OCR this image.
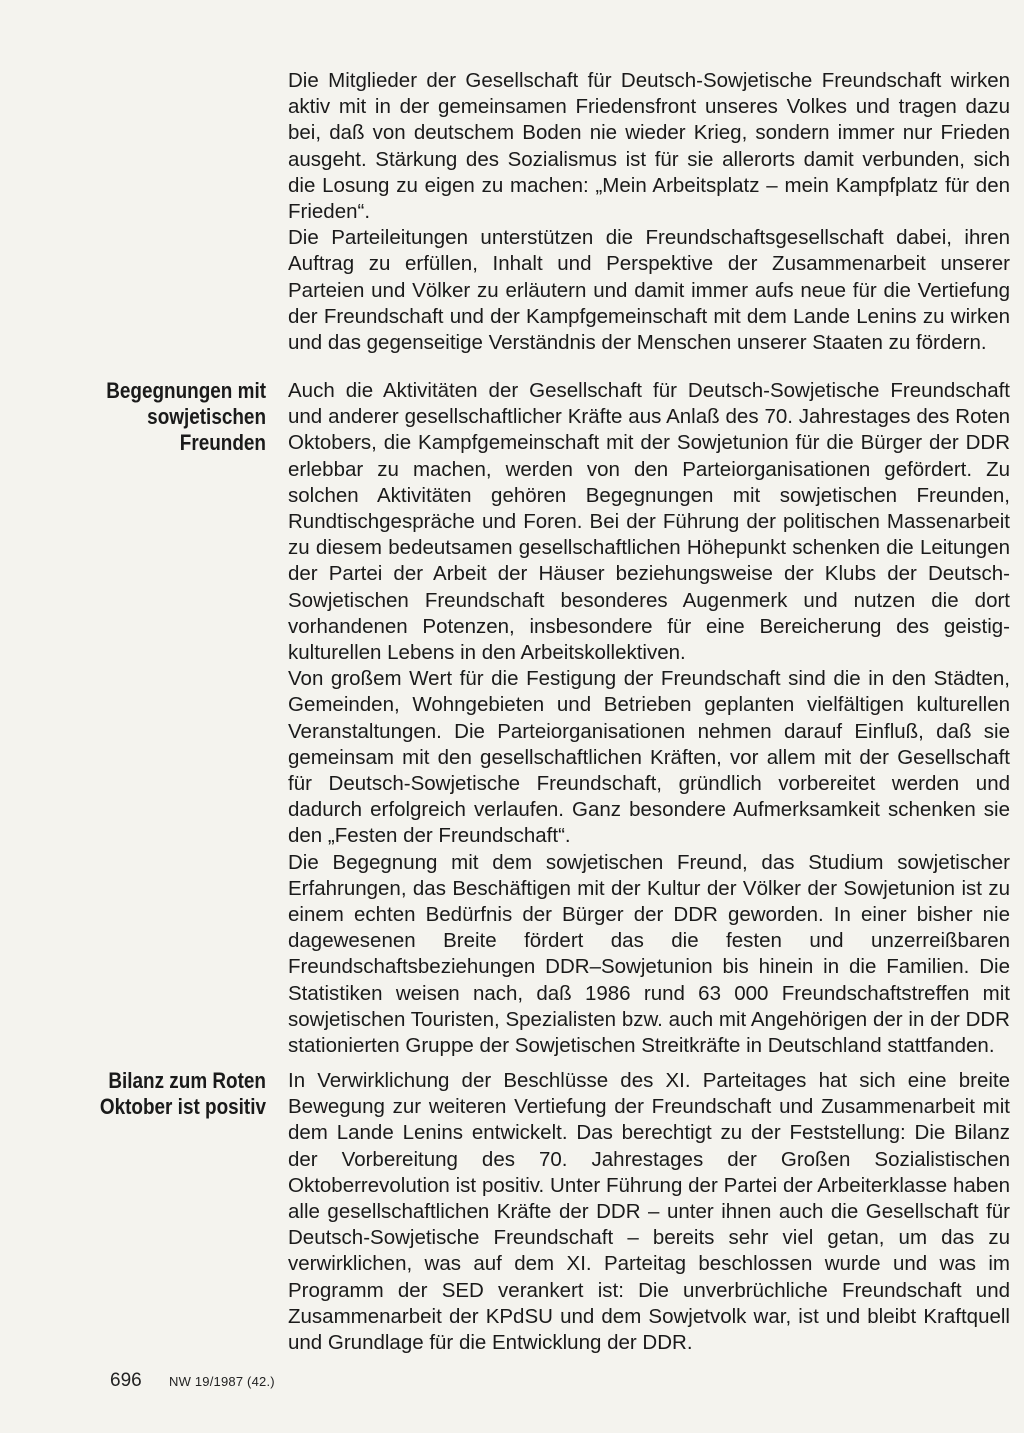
Die Mitglieder der Gesellschaft für Deutsch-Sowjetische Freundschaft wirken aktiv mit in der gemeinsamen Friedensfront unseres Volkes und tragen dazu bei, daß von deutschem Boden nie wieder Krieg, sondern immer nur Frieden ausgeht. Stärkung des Sozialismus ist für sie allerorts damit verbunden, sich die Losung zu eigen zu machen: „Mein Arbeitsplatz – mein Kampfplatz für den Frieden“.

Die Parteileitungen unterstützen die Freundschaftsgesellschaft dabei, ihren Auftrag zu erfüllen, Inhalt und Perspektive der Zusammenarbeit unserer Parteien und Völker zu erläutern und damit immer aufs neue für die Vertiefung der Freundschaft und der Kampfgemeinschaft mit dem Lande Lenins zu wirken und das gegenseitige Verständnis der Menschen unserer Staaten zu fördern.

Begegnungen mit sowjetischen Freunden

Auch die Aktivitäten der Gesellschaft für Deutsch-Sowjetische Freundschaft und anderer gesellschaftlicher Kräfte aus Anlaß des 70. Jahrestages des Roten Oktobers, die Kampfgemeinschaft mit der Sowjetunion für die Bürger der DDR erlebbar zu machen, werden von den Parteiorganisationen gefördert. Zu solchen Aktivitäten gehören Begegnungen mit sowjetischen Freunden, Rundtischgespräche und Foren. Bei der Führung der politischen Massenarbeit zu diesem bedeutsamen gesellschaftlichen Höhepunkt schenken die Leitungen der Partei der Arbeit der Häuser beziehungsweise der Klubs der Deutsch-Sowjetischen Freundschaft besonderes Augenmerk und nutzen die dort vorhandenen Potenzen, insbesondere für eine Bereicherung des geistig-kulturellen Lebens in den Arbeitskollektiven.

Von großem Wert für die Festigung der Freundschaft sind die in den Städten, Gemeinden, Wohngebieten und Betrieben geplanten vielfältigen kulturellen Veranstaltungen. Die Parteiorganisationen nehmen darauf Einfluß, daß sie gemeinsam mit den gesellschaftlichen Kräften, vor allem mit der Gesellschaft für Deutsch-Sowjetische Freundschaft, gründlich vorbereitet werden und dadurch erfolgreich verlaufen. Ganz besondere Aufmerksamkeit schenken sie den „Festen der Freundschaft“.

Die Begegnung mit dem sowjetischen Freund, das Studium sowjetischer Erfahrungen, das Beschäftigen mit der Kultur der Völker der Sowjetunion ist zu einem echten Bedürfnis der Bürger der DDR geworden. In einer bisher nie dagewesenen Breite fördert das die festen und unzerreißbaren Freundschaftsbeziehungen DDR–Sowjetunion bis hinein in die Familien. Die Statistiken weisen nach, daß 1986 rund 63 000 Freundschaftstreffen mit sowjetischen Touristen, Spezialisten bzw. auch mit Angehörigen der in der DDR stationierten Gruppe der Sowjetischen Streitkräfte in Deutschland stattfanden.

Bilanz zum Roten Oktober ist positiv

In Verwirklichung der Beschlüsse des XI. Parteitages hat sich eine breite Bewegung zur weiteren Vertiefung der Freundschaft und Zusammenarbeit mit dem Lande Lenins entwickelt. Das berechtigt zu der Feststellung: Die Bilanz der Vorbereitung des 70. Jahrestages der Großen Sozialistischen Oktoberrevolution ist positiv. Unter Führung der Partei der Arbeiterklasse haben alle gesellschaftlichen Kräfte der DDR – unter ihnen auch die Gesellschaft für Deutsch-Sowjetische Freundschaft – bereits sehr viel getan, um das zu verwirklichen, was auf dem XI. Parteitag beschlossen wurde und was im Programm der SED verankert ist: Die unverbrüchliche Freundschaft und Zusammenarbeit der KPdSU und dem Sowjetvolk war, ist und bleibt Kraftquell und Grundlage für die Entwicklung der DDR.

696 NW 19/1987 (42.)
